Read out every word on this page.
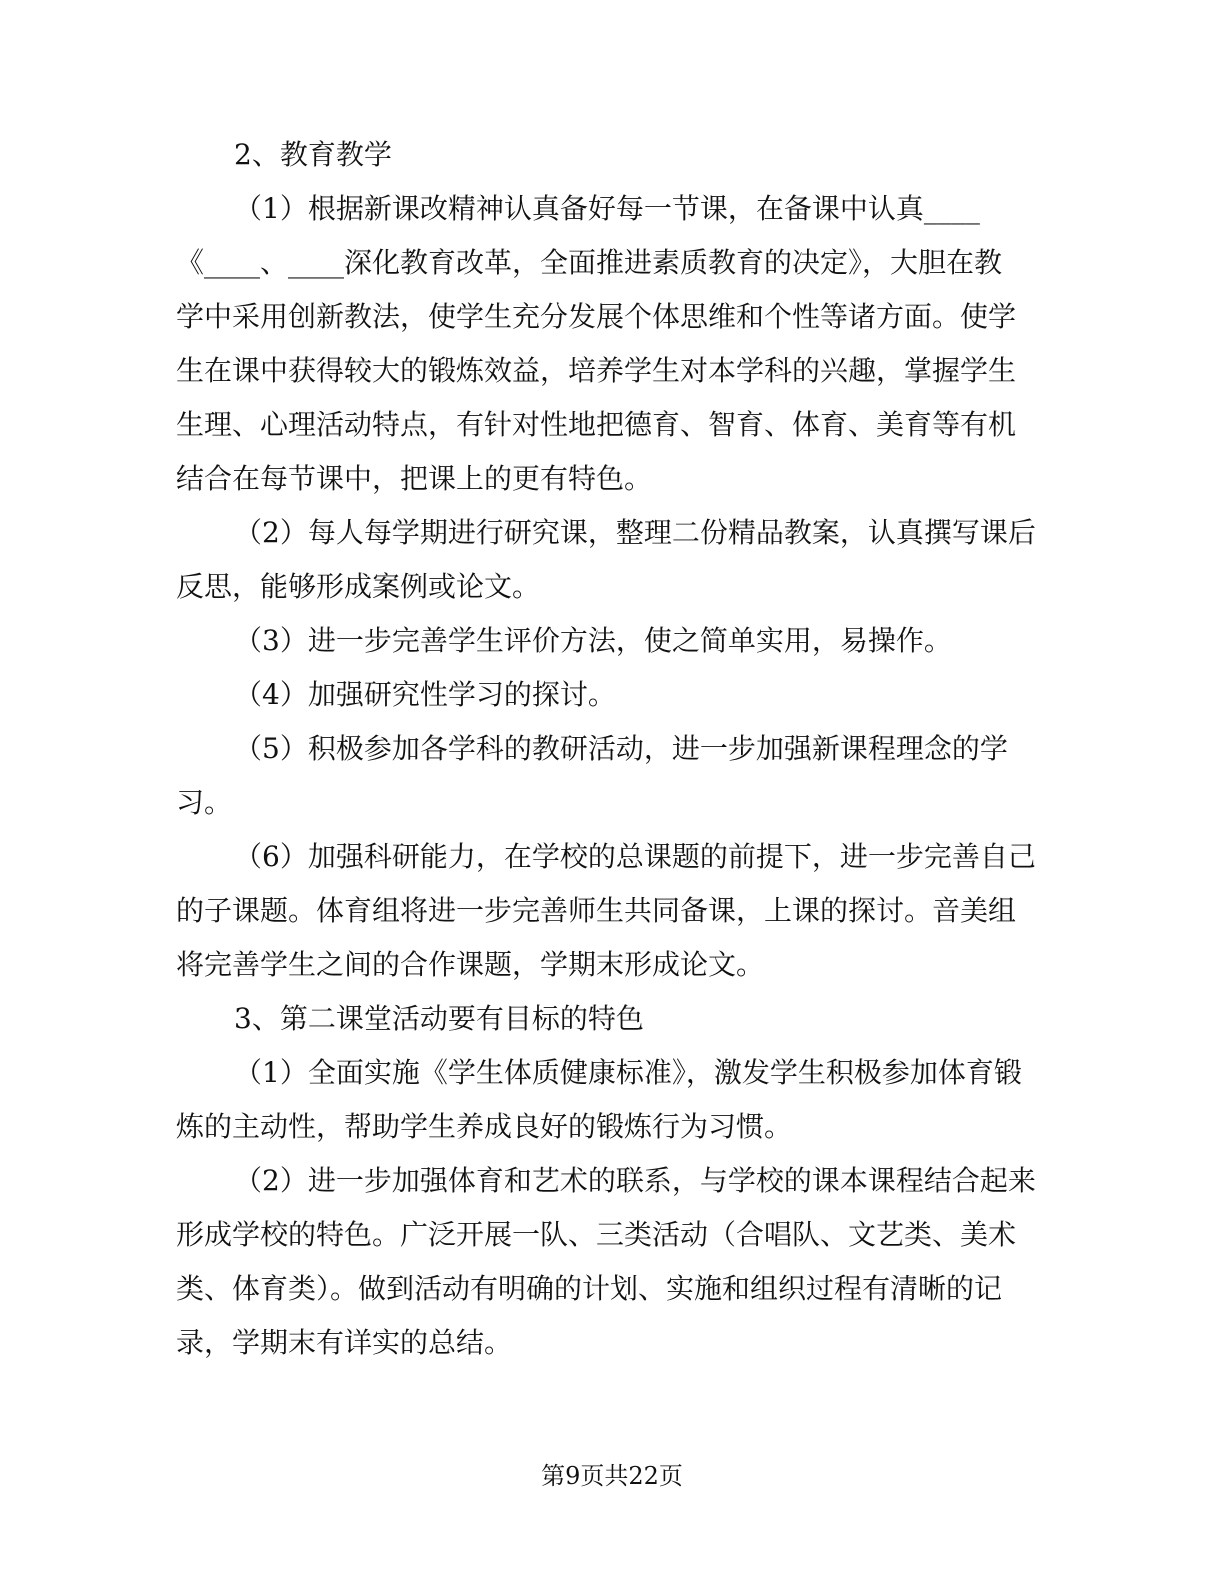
2、教育教学
（1）根据新课改精神认真备好每一节课，在备课中认真____
《____、____深化教育改革，全面推进素质教育的决定》，大胆在教
学中采用创新教法，使学生充分发展个体思维和个性等诸方面。使学
生在课中获得较大的锻炼效益，培养学生对本学科的兴趣，掌握学生
生理、心理活动特点，有针对性地把德育、智育、体育、美育等有机
结合在每节课中，把课上的更有特色。
（2）每人每学期进行研究课，整理二份精品教案，认真撰写课后
反思，能够形成案例或论文。
（3）进一步完善学生评价方法，使之简单实用，易操作。
（4）加强研究性学习的探讨。
（5）积极参加各学科的教研活动，进一步加强新课程理念的学
习。
（6）加强科研能力，在学校的总课题的前提下，进一步完善自己
的子课题。体育组将进一步完善师生共同备课，上课的探讨。音美组
将完善学生之间的合作课题，学期末形成论文。
3、第二课堂活动要有目标的特色
（1）全面实施《学生体质健康标准》，激发学生积极参加体育锻
炼的主动性，帮助学生养成良好的锻炼行为习惯。
（2）进一步加强体育和艺术的联系，与学校的课本课程结合起来
形成学校的特色。广泛开展一队、三类活动（合唱队、文艺类、美术
类、体育类）。做到活动有明确的计划、实施和组织过程有清晰的记
录，学期末有详实的总结。
第9页共22页
